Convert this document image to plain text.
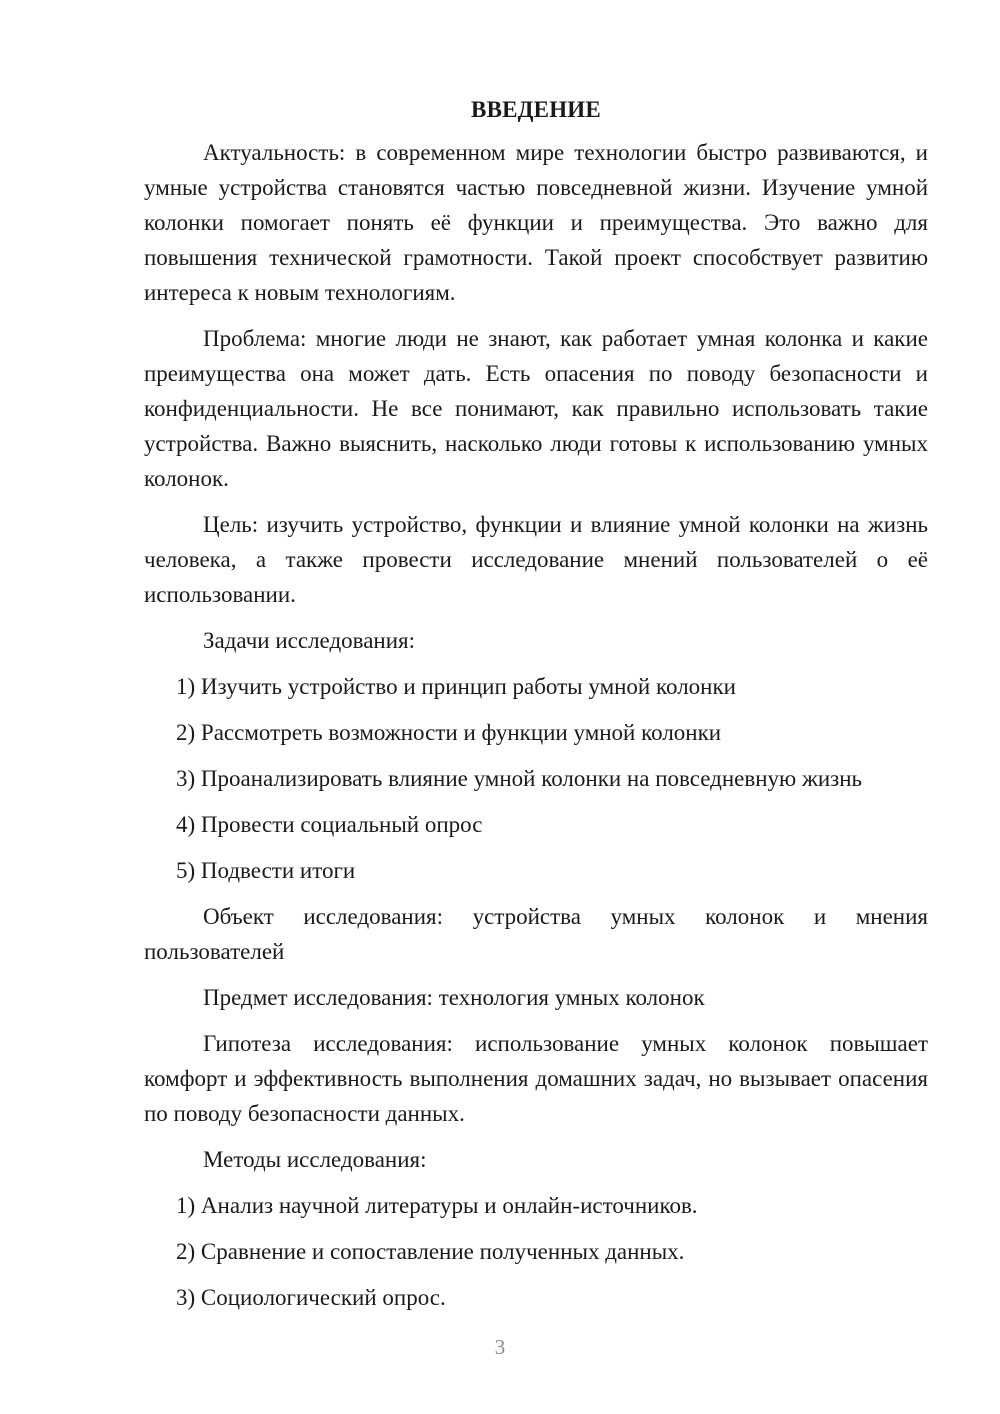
ВВЕДЕНИЕ

Актуальность: в современном мире технологии быстро развиваются, и умные устройства становятся частью повседневной жизни. Изучение умной колонки помогает понять её функции и преимущества. Это важно для повышения технической грамотности. Такой проект способствует развитию интереса к новым технологиям.

Проблема: многие люди не знают, как работает умная колонка и какие преимущества она может дать. Есть опасения по поводу безопасности и конфиденциальности. Не все понимают, как правильно использовать такие устройства. Важно выяснить, насколько люди готовы к использованию умных колонок.

Цель: изучить устройство, функции и влияние умной колонки на жизнь человека, а также провести исследование мнений пользователей о её использовании.

Задачи исследования:

1) Изучить устройство и принцип работы умной колонки

2) Рассмотреть возможности и функции умной колонки

3) Проанализировать влияние умной колонки на повседневную жизнь

4) Провести социальный опрос

5) Подвести итоги

Объект исследования: устройства умных колонок и мнения пользователей

Предмет исследования: технология умных колонок

Гипотеза исследования: использование умных колонок повышает комфорт и эффективность выполнения домашних задач, но вызывает опасения по поводу безопасности данных.

Методы исследования:

1) Анализ научной литературы и онлайн-источников.

2) Сравнение и сопоставление полученных данных.

3) Социологический опрос.

3
